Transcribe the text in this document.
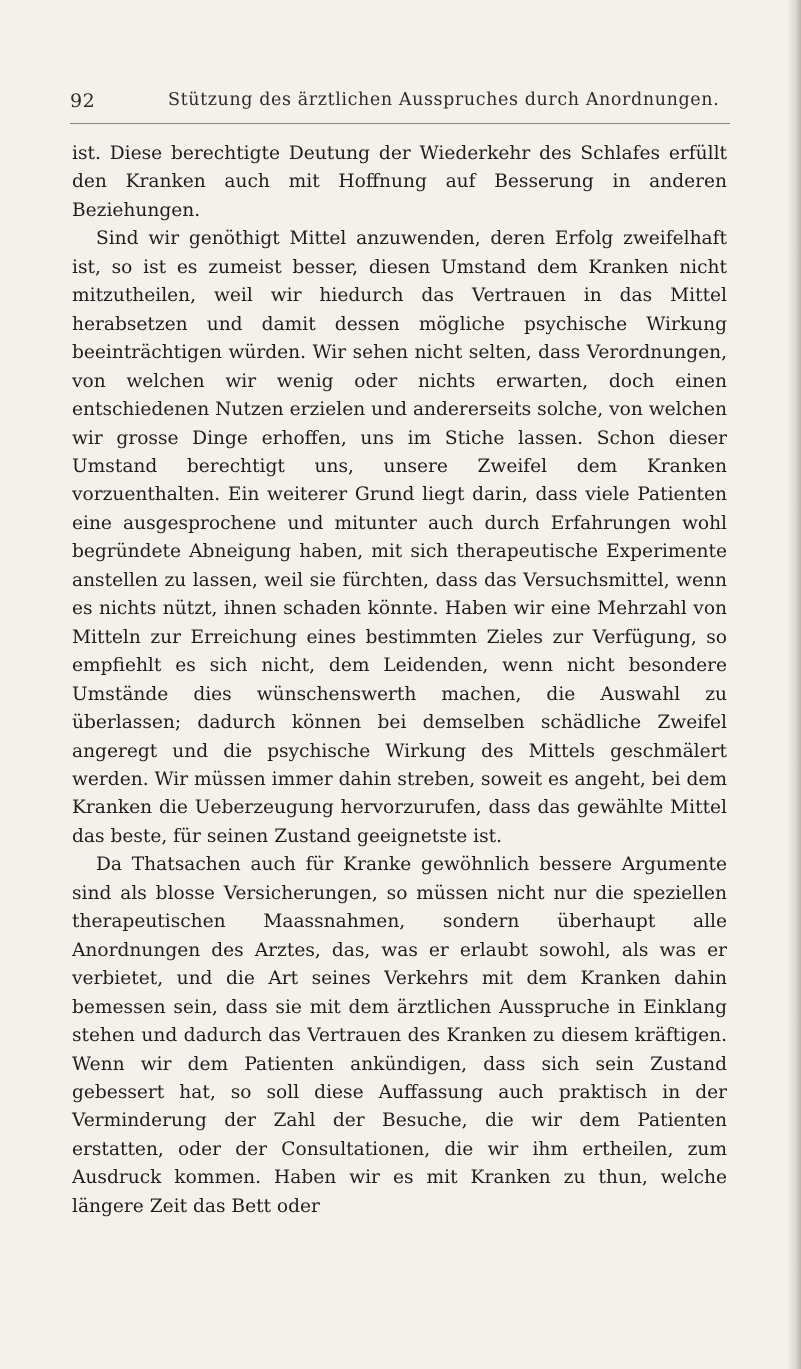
92	Stützung des ärztlichen Ausspruches durch Anordnungen.

ist. Diese berechtigte Deutung der Wiederkehr des Schlafes erfüllt den Kranken auch mit Hoffnung auf Besserung in anderen Beziehungen.

Sind wir genöthigt Mittel anzuwenden, deren Erfolg zweifelhaft ist, so ist es zumeist besser, diesen Umstand dem Kranken nicht mitzutheilen, weil wir hiedurch das Vertrauen in das Mittel herabsetzen und damit dessen mögliche psychische Wirkung beeinträchtigen würden. Wir sehen nicht selten, dass Verordnungen, von welchen wir wenig oder nichts erwarten, doch einen entschiedenen Nutzen erzielen und andererseits solche, von welchen wir grosse Dinge erhoffen, uns im Stiche lassen. Schon dieser Umstand berechtigt uns, unsere Zweifel dem Kranken vorzuenthalten. Ein weiterer Grund liegt darin, dass viele Patienten eine ausgesprochene und mitunter auch durch Erfahrungen wohl begründete Abneigung haben, mit sich therapeutische Experimente anstellen zu lassen, weil sie fürchten, dass das Versuchsmittel, wenn es nichts nützt, ihnen schaden könnte. Haben wir eine Mehrzahl von Mitteln zur Erreichung eines bestimmten Zieles zur Verfügung, so empfiehlt es sich nicht, dem Leidenden, wenn nicht besondere Umstände dies wünschenswerth machen, die Auswahl zu überlassen; dadurch können bei demselben schädliche Zweifel angeregt und die psychische Wirkung des Mittels geschmälert werden. Wir müssen immer dahin streben, soweit es angeht, bei dem Kranken die Ueberzeugung hervorzurufen, dass das gewählte Mittel das beste, für seinen Zustand geeignetste ist.

Da Thatsachen auch für Kranke gewöhnlich bessere Argumente sind als blosse Versicherungen, so müssen nicht nur die speziellen therapeutischen Maassnahmen, sondern überhaupt alle Anordnungen des Arztes, das, was er erlaubt sowohl, als was er verbietet, und die Art seines Verkehrs mit dem Kranken dahin bemessen sein, dass sie mit dem ärztlichen Ausspruche in Einklang stehen und dadurch das Vertrauen des Kranken zu diesem kräftigen. Wenn wir dem Patienten ankündigen, dass sich sein Zustand gebessert hat, so soll diese Auffassung auch praktisch in der Verminderung der Zahl der Besuche, die wir dem Patienten erstatten, oder der Consultationen, die wir ihm ertheilen, zum Ausdruck kommen. Haben wir es mit Kranken zu thun, welche längere Zeit das Bett oder
